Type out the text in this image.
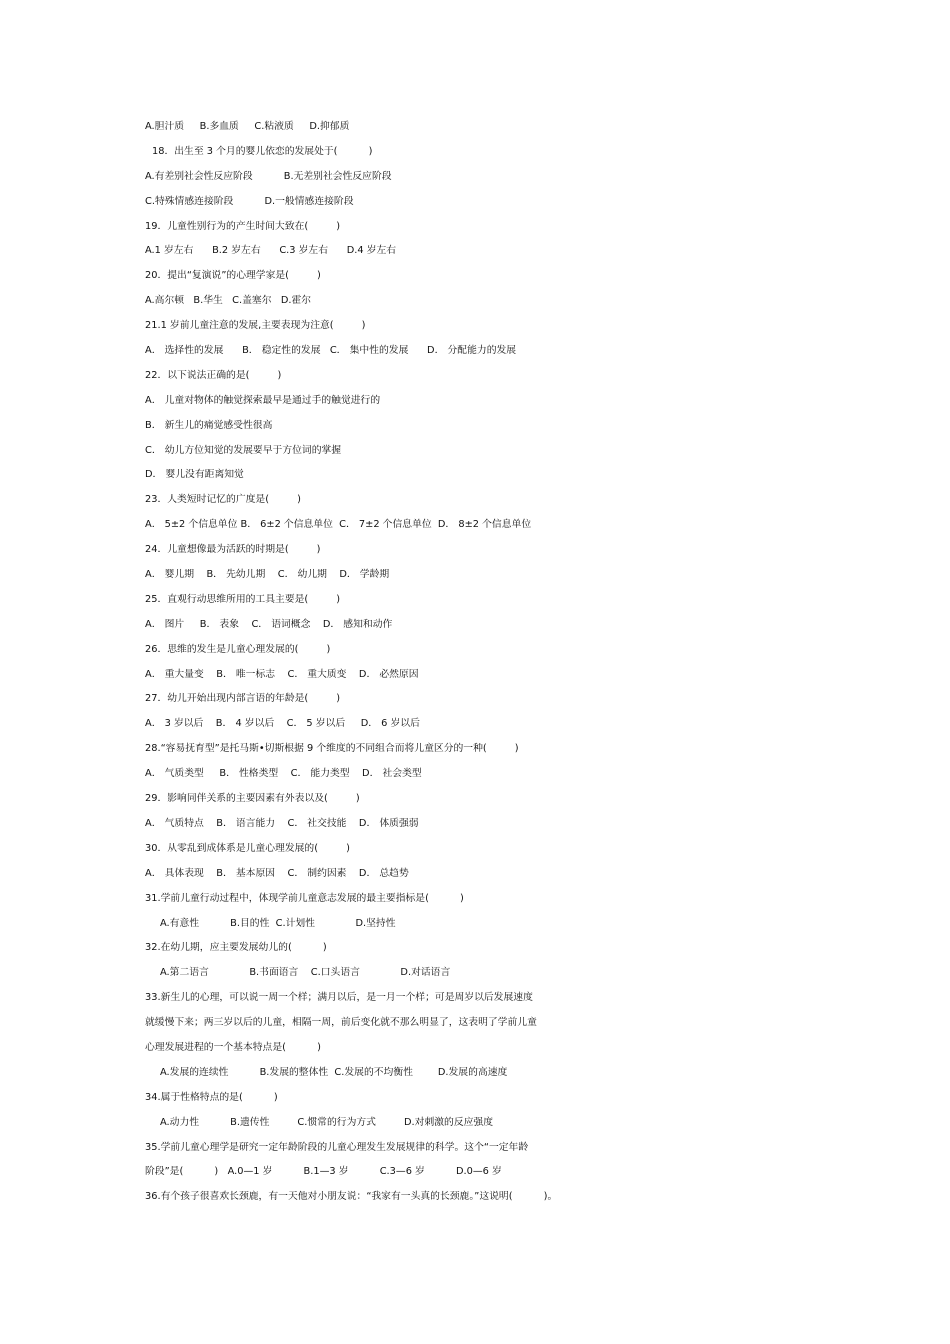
A.胆汁质     B.多血质     C.粘液质     D.抑郁质
18．出生至 3 个月的婴儿依恋的发展处于(          )
A.有差别社会性反应阶段          B.无差别社会性反应阶段
C.特殊情感连接阶段          D.一般情感连接阶段
19．儿童性别行为的产生时间大致在(         )
A.1 岁左右      B.2 岁左右      C.3 岁左右      D.4 岁左右
20．提出“复演说”的心理学家是(         )
A.高尔顿   B.华生   C.盖塞尔   D.霍尔
21.1 岁前儿童注意的发展,主要表现为注意(         )
A． 选择性的发展      B． 稳定性的发展   C． 集中性的发展      D． 分配能力的发展
22．以下说法正确的是(         )
A． 儿童对物体的触觉探索最早是通过手的触觉进行的
B． 新生儿的痛觉感受性很高
C． 幼儿方位知觉的发展要早于方位词的掌握
D． 婴儿没有距离知觉
23．人类短时记忆的广度是(         )
A． 5±2 个信息单位 B． 6±2 个信息单位  C． 7±2 个信息单位  D． 8±2 个信息单位
24．儿童想像最为活跃的时期是(         )
A． 婴儿期    B． 先幼儿期    C． 幼儿期    D． 学龄期
25．直观行动思维所用的工具主要是(         )
A． 图片     B． 表象    C． 语词概念    D． 感知和动作
26．思维的发生是儿童心理发展的(         )
A． 重大量变    B． 唯一标志    C． 重大质变    D． 必然原因
27．幼儿开始出现内部言语的年龄是(         )
A． 3 岁以后    B． 4 岁以后    C． 5 岁以后     D． 6 岁以后
28.“容易抚育型”是托马斯•切斯根据 9 个维度的不同组合而将儿童区分的一种(         )
A． 气质类型     B． 性格类型    C． 能力类型    D． 社会类型
29．影响同伴关系的主要因素有外表以及(         )
A． 气质特点    B． 语言能力    C． 社交技能    D． 体质强弱
30．从零乱到成体系是儿童心理发展的(         )
A． 具体表现    B． 基本原因    C． 制约因素    D． 总趋势
31.学前儿童行动过程中，体现学前儿童意志发展的最主要指标是(          )
A.有意性          B.目的性  C.计划性             D.坚持性
32.在幼儿期，应主要发展幼儿的(          )
A.第二语言             B.书面语言    C.口头语言             D.对话语言
33.新生儿的心理，可以说一周一个样；满月以后，是一月一个样；可是周岁以后发展速度
就缓慢下来；两三岁以后的儿童，相隔一周，前后变化就不那么明显了，这表明了学前儿童
心理发展进程的一个基本特点是(          )
A.发展的连续性          B.发展的整体性  C.发展的不均衡性        D.发展的高速度
34.属于性格特点的是(          )
A.动力性          B.遗传性         C.惯常的行为方式         D.对刺激的反应强度
35.学前儿童心理学是研究一定年龄阶段的儿童心理发生发展规律的科学。这个“一定年龄
阶段”是(          )   A.0—1 岁          B.1—3 岁          C.3—6 岁          D.0—6 岁
36.有个孩子很喜欢长颈鹿，有一天他对小朋友说：“我家有一头真的长颈鹿。”这说明(          )。
